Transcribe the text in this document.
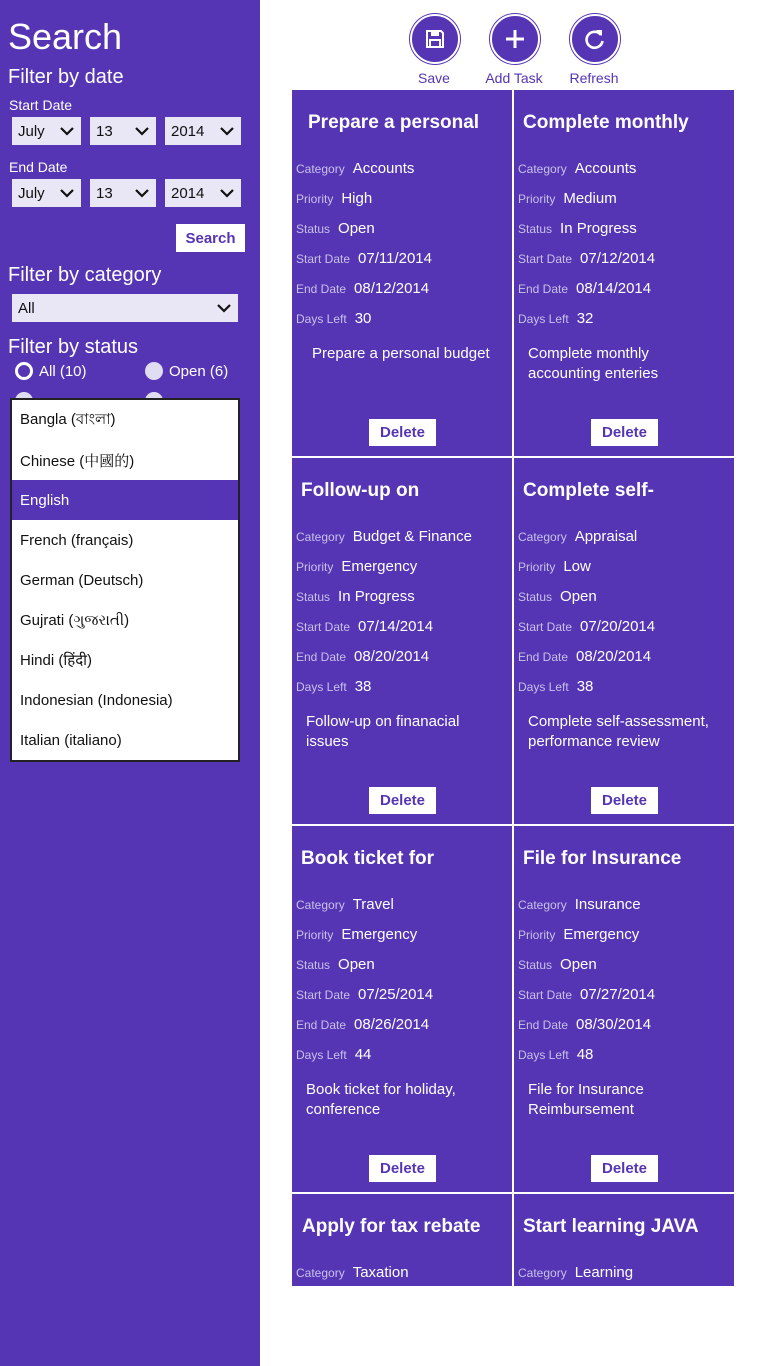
Search
Filter by date
Start Date
July	13	2014
End Date
July	13	2014
Search
Filter by category
All
Filter by status
All (10)	Open (6)
Bangla (বাংলা)
Chinese (中國的)
English
French (français)
German (Deutsch)
Gujrati (ગુજરાતી)
Hindi (हिंदी)
Indonesian (Indonesia)
Italian (italiano)
Save	Add Task	Refresh
Prepare a personal
Category Accounts
Priority High
Status Open
Start Date 07/11/2014
End Date 08/12/2014
Days Left 30
Prepare a personal budget
Delete
Complete monthly
Category Accounts
Priority Medium
Status In Progress
Start Date 07/12/2014
End Date 08/14/2014
Days Left 32
Complete monthly accounting enteries
Delete
Follow-up on
Category Budget & Finance
Priority Emergency
Status In Progress
Start Date 07/14/2014
End Date 08/20/2014
Days Left 38
Follow-up on finanacial issues
Delete
Complete self-
Category Appraisal
Priority Low
Status Open
Start Date 07/20/2014
End Date 08/20/2014
Days Left 38
Complete self-assessment, performance review
Delete
Book ticket for
Category Travel
Priority Emergency
Status Open
Start Date 07/25/2014
End Date 08/26/2014
Days Left 44
Book ticket for holiday, conference
Delete
File for Insurance
Category Insurance
Priority Emergency
Status Open
Start Date 07/27/2014
End Date 08/30/2014
Days Left 48
File for Insurance Reimbursement
Delete
Apply for tax rebate
Category Taxation
Start learning JAVA
Category Learning
